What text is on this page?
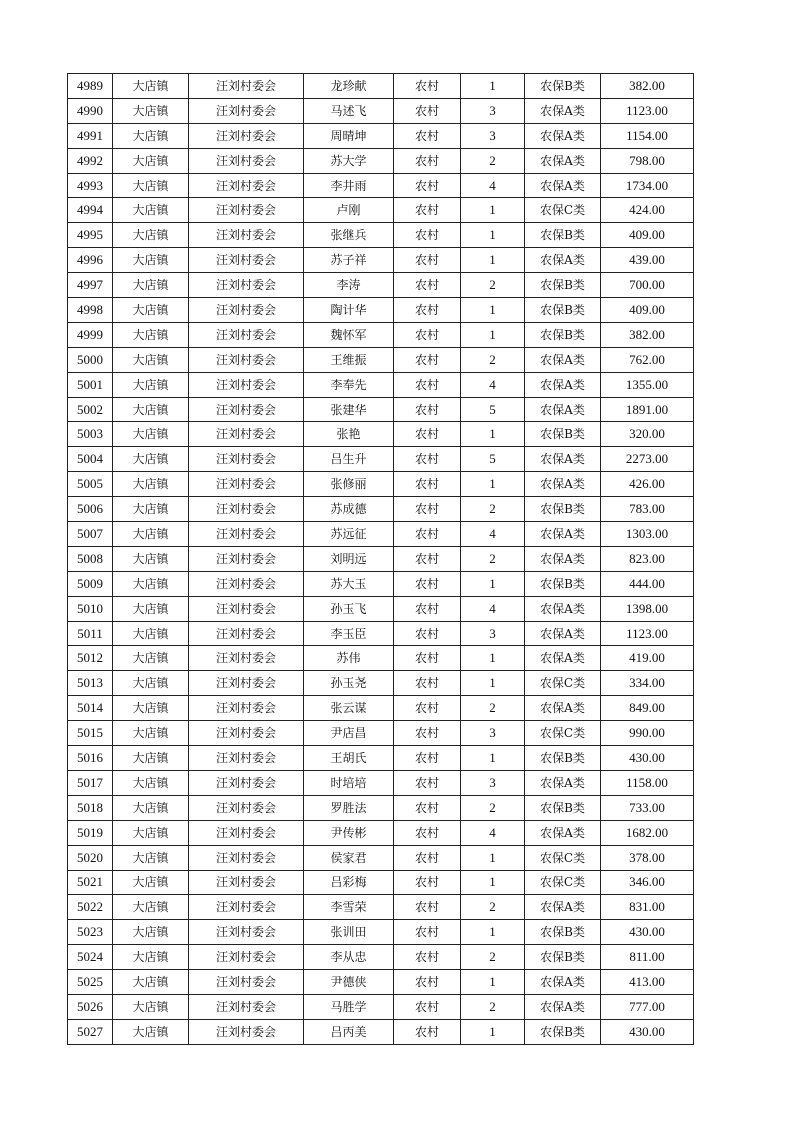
4989	大店镇	汪刘村委会	龙珍献	农村	1	农保B类	382.00
4990	大店镇	汪刘村委会	马述飞	农村	3	农保A类	1123.00
4991	大店镇	汪刘村委会	周晴坤	农村	3	农保A类	1154.00
4992	大店镇	汪刘村委会	苏大学	农村	2	农保A类	798.00
4993	大店镇	汪刘村委会	李井雨	农村	4	农保A类	1734.00
4994	大店镇	汪刘村委会	卢刚	农村	1	农保C类	424.00
4995	大店镇	汪刘村委会	张继兵	农村	1	农保B类	409.00
4996	大店镇	汪刘村委会	苏子祥	农村	1	农保A类	439.00
4997	大店镇	汪刘村委会	李涛	农村	2	农保B类	700.00
4998	大店镇	汪刘村委会	陶计华	农村	1	农保B类	409.00
4999	大店镇	汪刘村委会	魏怀军	农村	1	农保B类	382.00
5000	大店镇	汪刘村委会	王维振	农村	2	农保A类	762.00
5001	大店镇	汪刘村委会	李奉先	农村	4	农保A类	1355.00
5002	大店镇	汪刘村委会	张建华	农村	5	农保A类	1891.00
5003	大店镇	汪刘村委会	张艳	农村	1	农保B类	320.00
5004	大店镇	汪刘村委会	吕生升	农村	5	农保A类	2273.00
5005	大店镇	汪刘村委会	张修丽	农村	1	农保A类	426.00
5006	大店镇	汪刘村委会	苏成德	农村	2	农保B类	783.00
5007	大店镇	汪刘村委会	苏远征	农村	4	农保A类	1303.00
5008	大店镇	汪刘村委会	刘明远	农村	2	农保A类	823.00
5009	大店镇	汪刘村委会	苏大玉	农村	1	农保B类	444.00
5010	大店镇	汪刘村委会	孙玉飞	农村	4	农保A类	1398.00
5011	大店镇	汪刘村委会	李玉臣	农村	3	农保A类	1123.00
5012	大店镇	汪刘村委会	苏伟	农村	1	农保A类	419.00
5013	大店镇	汪刘村委会	孙玉尧	农村	1	农保C类	334.00
5014	大店镇	汪刘村委会	张云谋	农村	2	农保A类	849.00
5015	大店镇	汪刘村委会	尹店昌	农村	3	农保C类	990.00
5016	大店镇	汪刘村委会	王胡氏	农村	1	农保B类	430.00
5017	大店镇	汪刘村委会	时培培	农村	3	农保A类	1158.00
5018	大店镇	汪刘村委会	罗胜法	农村	2	农保B类	733.00
5019	大店镇	汪刘村委会	尹传彬	农村	4	农保A类	1682.00
5020	大店镇	汪刘村委会	侯家君	农村	1	农保C类	378.00
5021	大店镇	汪刘村委会	吕彩梅	农村	1	农保C类	346.00
5022	大店镇	汪刘村委会	李雪荣	农村	2	农保A类	831.00
5023	大店镇	汪刘村委会	张训田	农村	1	农保B类	430.00
5024	大店镇	汪刘村委会	李从忠	农村	2	农保B类	811.00
5025	大店镇	汪刘村委会	尹德侠	农村	1	农保A类	413.00
5026	大店镇	汪刘村委会	马胜学	农村	2	农保A类	777.00
5027	大店镇	汪刘村委会	吕丙美	农村	1	农保B类	430.00
